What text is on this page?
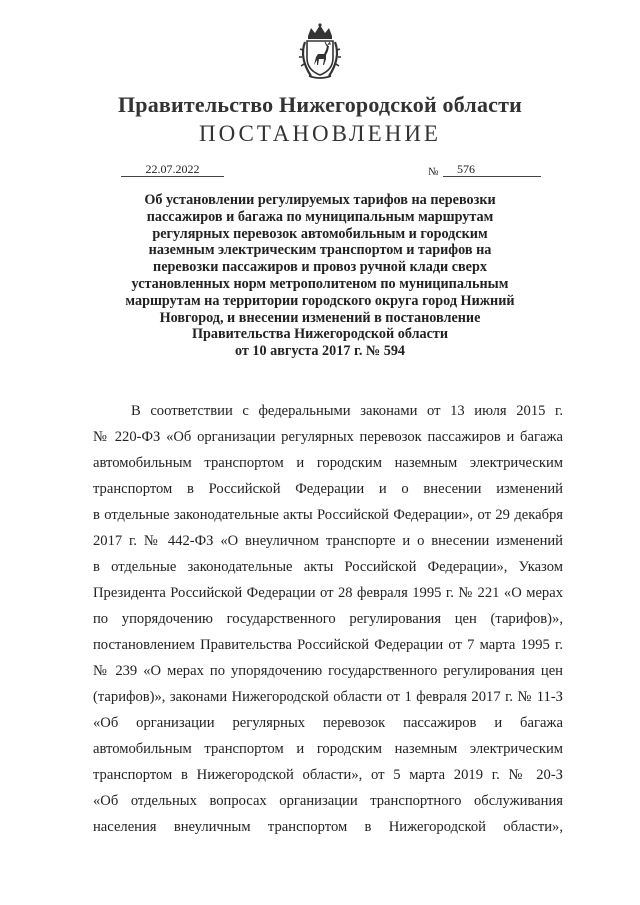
Правительство Нижегородской области
ПОСТАНОВЛЕНИЕ
22.07.2022	№	576
Об установлении регулируемых тарифов на перевозки
пассажиров и багажа по муниципальным маршрутам
регулярных перевозок автомобильным и городским
наземным электрическим транспортом и тарифов на
перевозки пассажиров и провоз ручной клади сверх
установленных норм метрополитеном по муниципальным
маршрутам на территории городского округа город Нижний
Новгород, и внесении изменений в постановление
Правительства Нижегородской области
от 10 августа 2017 г. № 594
В соответствии с федеральными законами от 13 июля 2015 г.
№ 220-ФЗ «Об организации регулярных перевозок пассажиров и багажа
автомобильным транспортом и городским наземным электрическим
транспортом в Российской Федерации и о внесении изменений
в отдельные законодательные акты Российской Федерации», от 29 декабря
2017 г. № 442-ФЗ «О внеуличном транспорте и о внесении изменений
в отдельные законодательные акты Российской Федерации», Указом
Президента Российской Федерации от 28 февраля 1995 г. № 221 «О мерах
по упорядочению государственного регулирования цен (тарифов)»,
постановлением Правительства Российской Федерации от 7 марта 1995 г.
№ 239 «О мерах по упорядочению государственного регулирования цен
(тарифов)», законами Нижегородской области от 1 февраля 2017 г. № 11-З
«Об организации регулярных перевозок пассажиров и багажа
автомобильным транспортом и городским наземным электрическим
транспортом в Нижегородской области», от 5 марта 2019 г. № 20-З
«Об отдельных вопросах организации транспортного обслуживания
населения внеуличным транспортом в Нижегородской области»,
